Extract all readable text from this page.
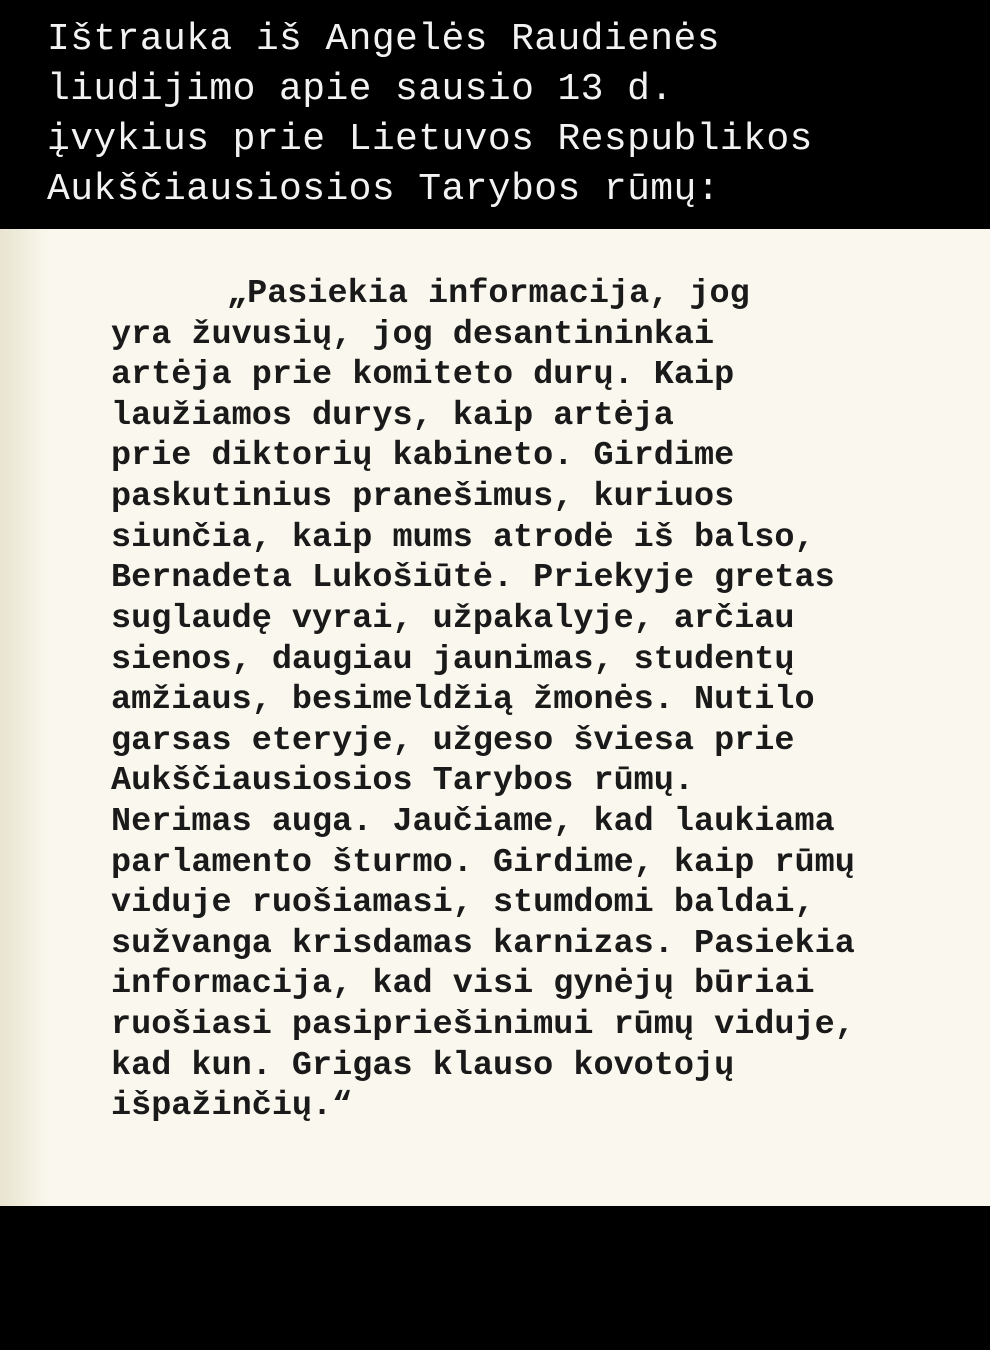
Ištrauka iš Angelės Raudienės
liudijimo apie sausio 13 d.
įvykius prie Lietuvos Respublikos
Aukščiausiosios Tarybos rūmų:
„Pasiekia informacija, jog
yra žuvusių, jog desantininkai
artėja prie komiteto durų. Kaip
laužiamos durys, kaip artėja
prie diktorių kabineto. Girdime
paskutinius pranešimus, kuriuos
siunčia, kaip mums atrodė iš balso,
Bernadeta Lukošiūtė. Priekyje gretas
suglaudę vyrai, užpakalyje, arčiau
sienos, daugiau jaunimas, studentų
amžiaus, besimeldžią žmonės. Nutilo
garsas eteryje, užgeso šviesa prie
Aukščiausiosios Tarybos rūmų.
Nerimas auga. Jaučiame, kad laukiama
parlamento šturmo. Girdime, kaip rūmų
viduje ruošiamasi, stumdomi baldai,
sužvanga krisdamas karnizas. Pasiekia
informacija, kad visi gynėjų būriai
ruošiasi pasipriešinimui rūmų viduje,
kad kun. Grigas klauso kovotojų
išpažinčių.“
